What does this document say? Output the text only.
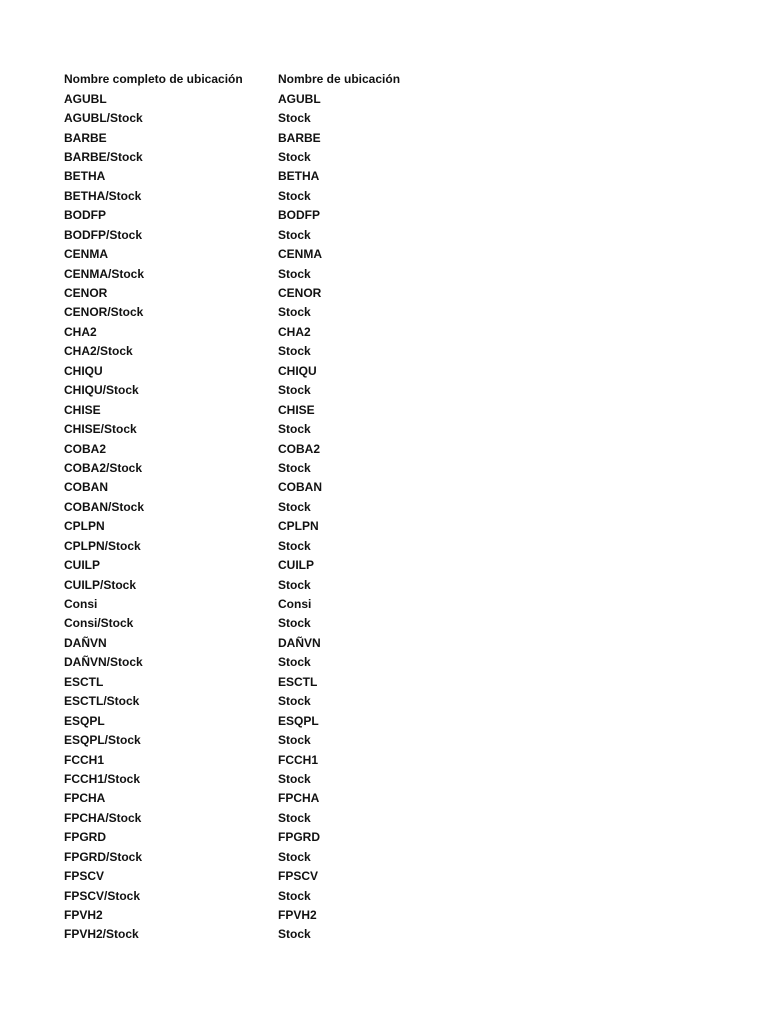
Nombre completo de ubicación	Nombre de ubicación
AGUBL	AGUBL
AGUBL/Stock	Stock
BARBE	BARBE
BARBE/Stock	Stock
BETHA	BETHA
BETHA/Stock	Stock
BODFP	BODFP
BODFP/Stock	Stock
CENMA	CENMA
CENMA/Stock	Stock
CENOR	CENOR
CENOR/Stock	Stock
CHA2	CHA2
CHA2/Stock	Stock
CHIQU	CHIQU
CHIQU/Stock	Stock
CHISE	CHISE
CHISE/Stock	Stock
COBA2	COBA2
COBA2/Stock	Stock
COBAN	COBAN
COBAN/Stock	Stock
CPLPN	CPLPN
CPLPN/Stock	Stock
CUILP	CUILP
CUILP/Stock	Stock
Consi	Consi
Consi/Stock	Stock
DAÑVN	DAÑVN
DAÑVN/Stock	Stock
ESCTL	ESCTL
ESCTL/Stock	Stock
ESQPL	ESQPL
ESQPL/Stock	Stock
FCCH1	FCCH1
FCCH1/Stock	Stock
FPCHA	FPCHA
FPCHA/Stock	Stock
FPGRD	FPGRD
FPGRD/Stock	Stock
FPSCV	FPSCV
FPSCV/Stock	Stock
FPVH2	FPVH2
FPVH2/Stock	Stock
